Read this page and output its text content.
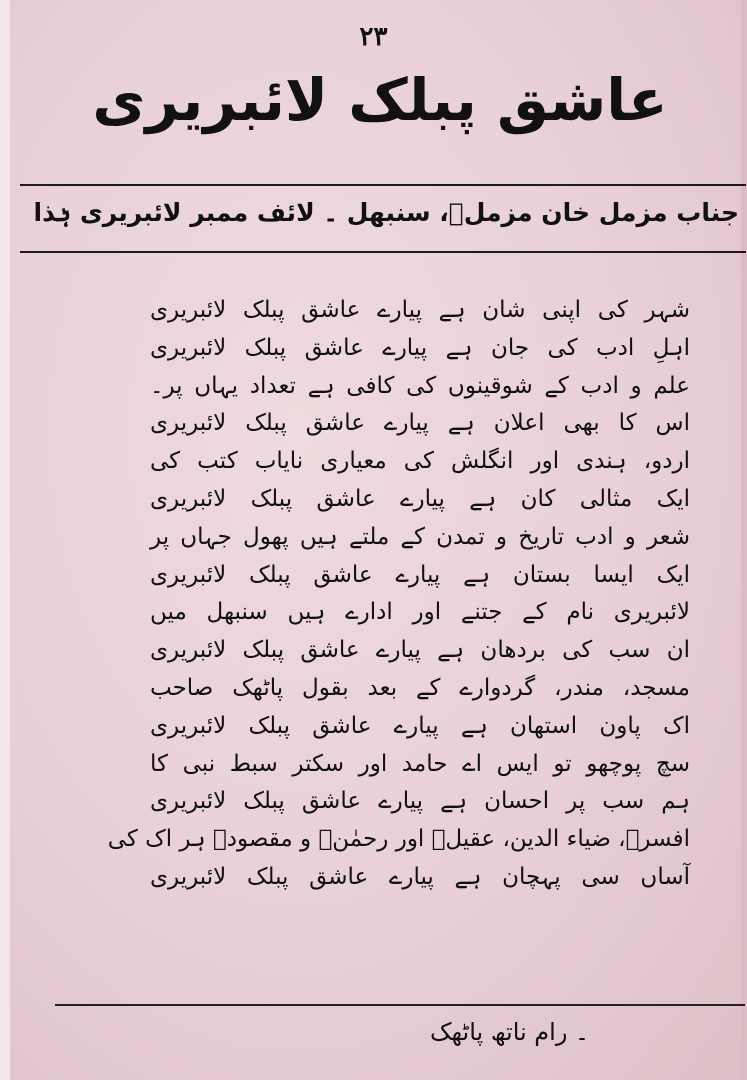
۲۳
عاشق پبلک لائبریری
جناب مزمل خان مزملؔ، سنبھل ۔ لائف ممبر لائبریری ہٰذا
شہر کی اپنی شان ہے پیارے عاشق پبلک لائبریری
اہلِ ادب کی جان ہے پیارے عاشق پبلک لائبریری
علم و ادب کے شوقینوں کی کافی ہے تعداد یہاں پر۔
اس کا بھی اعلان ہے پیارے عاشق پبلک لائبریری
اردو، ہندی اور انگلش کی معیاری نایاب کتب کی
ایک مثالی کان ہے پیارے عاشق پبلک لائبریری
شعر و ادب تاریخ و تمدن کے ملتے ہیں پھول جہاں پر
ایک ایسا بستان ہے پیارے عاشق پبلک لائبریری
لائبریری نام کے جتنے اور ادارے ہیں سنبھل میں
ان سب کی بردھان ہے پیارے عاشق پبلک لائبریری
مسجد، مندر، گردوارے کے بعد بقول پاٹھک صاحب
اک پاون استھان ہے پیارے عاشق پبلک لائبریری
سچ پوچھو تو ایس اے حامد اور سکتر سبط نبی کا
ہم سب پر احسان ہے پیارے عاشق پبلک لائبریری
افسرؔ، ضیاء الدین، عقیلؔ اور رحمٰنؔ و مقصودؔ ہر اک کی
آساں سی پہچان ہے پیارے عاشق پبلک لائبریری
۔ رام ناتھ پاٹھک
